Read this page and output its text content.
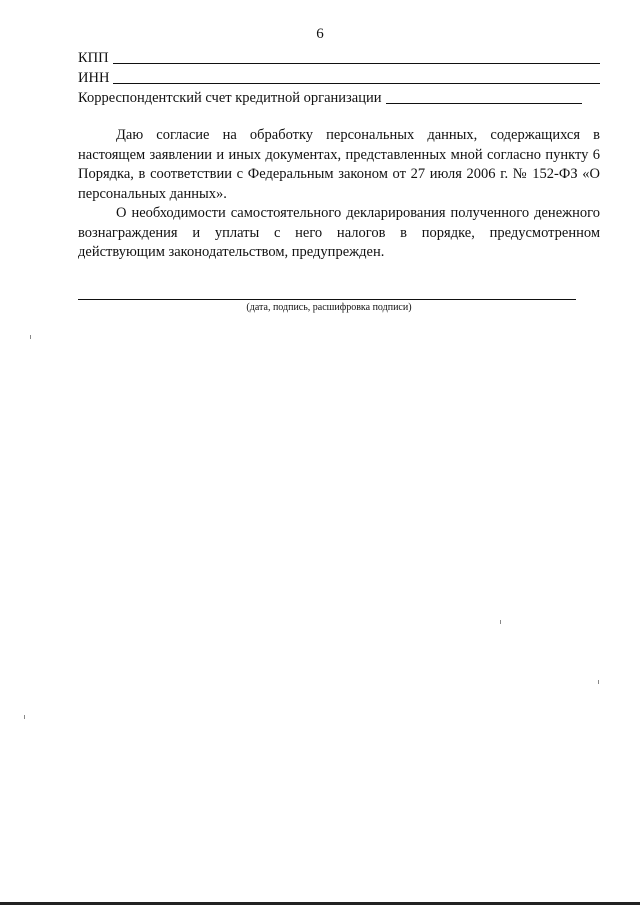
6
КПП
ИНН
Корреспондентский счет кредитной организации

Даю согласие на обработку персональных данных, содержащихся в настоящем заявлении и иных документах, представленных мной согласно пункту 6 Порядка, в соответствии с Федеральным законом от 27 июля 2006 г. № 152-ФЗ «О персональных данных».

О необходимости самостоятельного декларирования полученного денежного вознаграждения и уплаты с него налогов в порядке, предусмотренном действующим законодательством, предупрежден.

(дата, подпись, расшифровка подписи)
